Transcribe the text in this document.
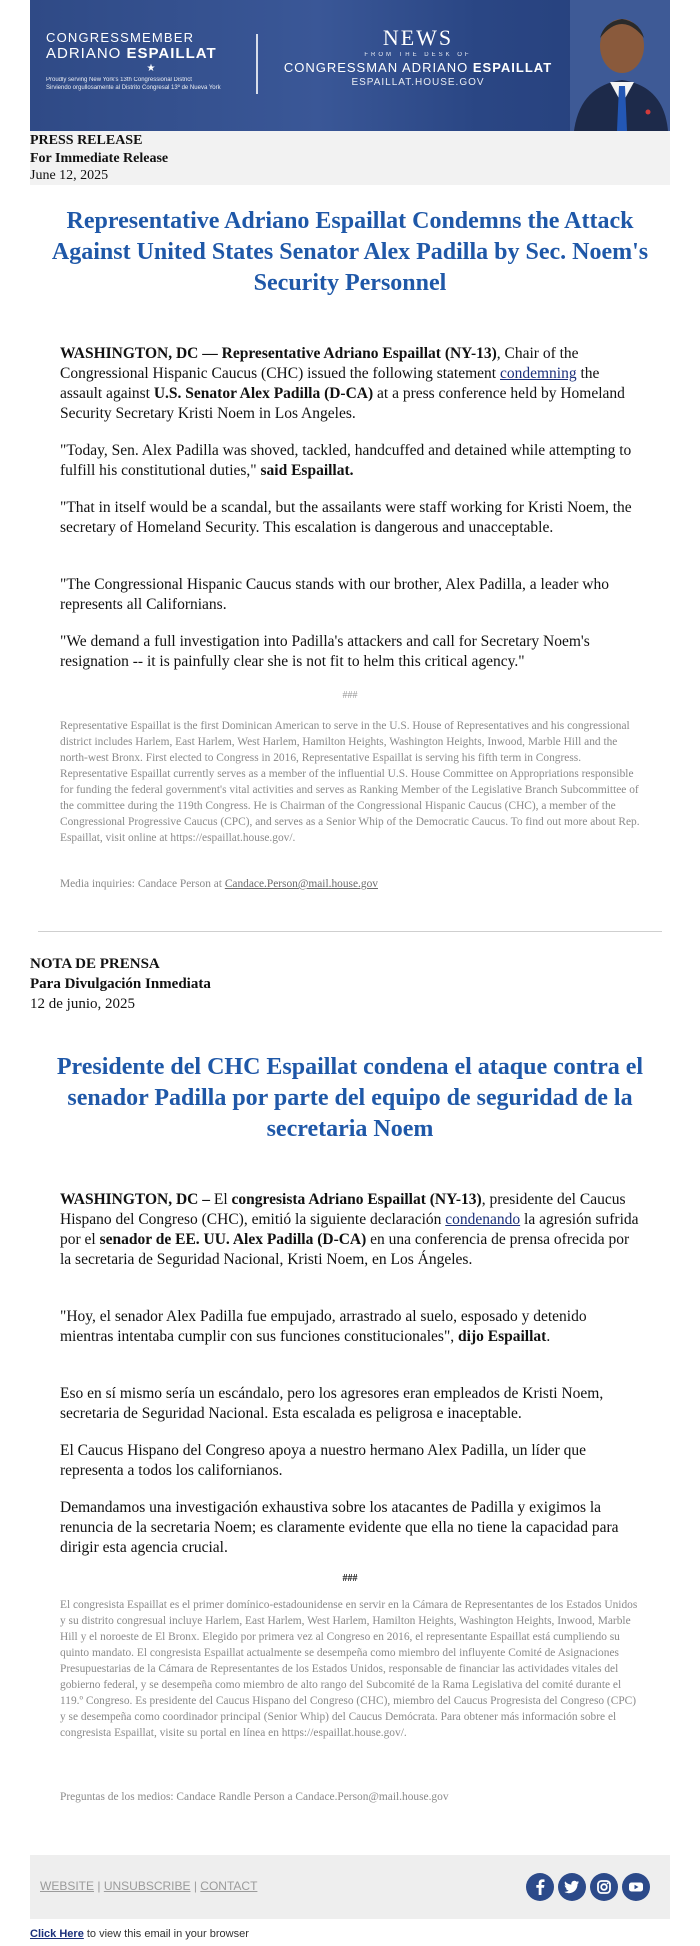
CONGRESSMEMBER
ADRIANO ESPAILLAT
★
Proudly serving New York's 13th Congressional District
Sirviendo orgullosamente al Distrito Congresal 13º de Nueva York
NEWS
FROM THE DESK OF
CONGRESSMAN ADRIANO ESPAILLAT
ESPAILLAT.HOUSE.GOV
PRESS RELEASE
For Immediate Release
June 12, 2025
Representative Adriano Espaillat Condemns the Attack Against United States Senator Alex Padilla by Sec. Noem's Security Personnel

WASHINGTON, DC — Representative Adriano Espaillat (NY-13), Chair of the Congressional Hispanic Caucus (CHC) issued the following statement condemning the assault against U.S. Senator Alex Padilla (D-CA) at a press conference held by Homeland Security Secretary Kristi Noem in Los Angeles.

"Today, Sen. Alex Padilla was shoved, tackled, handcuffed and detained while attempting to fulfill his constitutional duties," said Espaillat.

"That in itself would be a scandal, but the assailants were staff working for Kristi Noem, the secretary of Homeland Security. This escalation is dangerous and unacceptable.

"The Congressional Hispanic Caucus stands with our brother, Alex Padilla, a leader who represents all Californians.

"We demand a full investigation into Padilla's attackers and call for Secretary Noem's resignation -- it is painfully clear she is not fit to helm this critical agency."

###

Representative Espaillat is the first Dominican American to serve in the U.S. House of Representatives and his congressional district includes Harlem, East Harlem, West Harlem, Hamilton Heights, Washington Heights, Inwood, Marble Hill and the north-west Bronx. First elected to Congress in 2016, Representative Espaillat is serving his fifth term in Congress. Representative Espaillat currently serves as a member of the influential U.S. House Committee on Appropriations responsible for funding the federal government's vital activities and serves as Ranking Member of the Legislative Branch Subcommittee of the committee during the 119th Congress. He is Chairman of the Congressional Hispanic Caucus (CHC), a member of the Congressional Progressive Caucus (CPC), and serves as a Senior Whip of the Democratic Caucus. To find out more about Rep. Espaillat, visit online at https://espaillat.house.gov/.

Media inquiries: Candace Person at Candace.Person@mail.house.gov

NOTA DE PRENSA
Para Divulgación Inmediata
12 de junio, 2025
Presidente del CHC Espaillat condena el ataque contra el senador Padilla por parte del equipo de seguridad de la secretaria Noem

WASHINGTON, DC – El congresista Adriano Espaillat (NY-13), presidente del Caucus Hispano del Congreso (CHC), emitió la siguiente declaración condenando la agresión sufrida por el senador de EE. UU. Alex Padilla (D-CA) en una conferencia de prensa ofrecida por la secretaria de Seguridad Nacional, Kristi Noem, en Los Ángeles.

"Hoy, el senador Alex Padilla fue empujado, arrastrado al suelo, esposado y detenido mientras intentaba cumplir con sus funciones constitucionales", dijo Espaillat.

Eso en sí mismo sería un escándalo, pero los agresores eran empleados de Kristi Noem, secretaria de Seguridad Nacional. Esta escalada es peligrosa e inaceptable.

El Caucus Hispano del Congreso apoya a nuestro hermano Alex Padilla, un líder que representa a todos los californianos.

Demandamos una investigación exhaustiva sobre los atacantes de Padilla y exigimos la renuncia de la secretaria Noem; es claramente evidente que ella no tiene la capacidad para dirigir esta agencia crucial.

###

El congresista Espaillat es el primer domínico-estadounidense en servir en la Cámara de Representantes de los Estados Unidos y su distrito congresual incluye Harlem, East Harlem, West Harlem, Hamilton Heights, Washington Heights, Inwood, Marble Hill y el noroeste de El Bronx. Elegido por primera vez al Congreso en 2016, el representante Espaillat está cumpliendo su quinto mandato. El congresista Espaillat actualmente se desempeña como miembro del influyente Comité de Asignaciones Presupuestarias de la Cámara de Representantes de los Estados Unidos, responsable de financiar las actividades vitales del gobierno federal, y se desempeña como miembro de alto rango del Subcomité de la Rama Legislativa del comité durante el 119.º Congreso. Es presidente del Caucus Hispano del Congreso (CHC), miembro del Caucus Progresista del Congreso (CPC) y se desempeña como coordinador principal (Senior Whip) del Caucus Demócrata. Para obtener más información sobre el congresista Espaillat, visite su portal en línea en https://espaillat.house.gov/.

Preguntas de los medios: Candace Randle Person a Candace.Person@mail.house.gov

WEBSITE | UNSUBSCRIBE | CONTACT
Click Here to view this email in your browser
